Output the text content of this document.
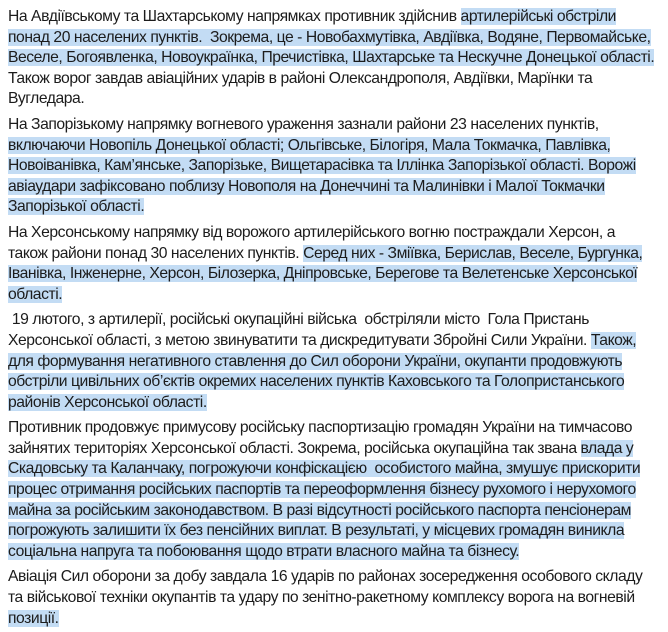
На Авдіївському та Шахтарському напрямках противник здійснив артилерійські обстріли
понад 20 населених пунктів.  Зокрема, це - Новобахмутівка, Авдіївка, Водяне, Первомайське,
Веселе, Богоявленка, Новоукраїнка, Пречистівка, Шахтарське та Нескучне Донецької області.
Також ворог завдав авіаційних ударів в районі Олександрополя, Авдіївки, Марїнки та
Вугледара.

На Запорізькому напрямку вогневого ураження зазнали райони 23 населених пунктів,
включаючи Новопіль Донецької області; Ольгівське, Білогіря, Мала Токмачка, Павлівка,
Новоіванівка, Кам’янське, Запорізьке, Вищетарасівка та Іллінка Запорізької області. Ворожі
авіаудари зафіксовано поблизу Новополя на Донеччині та Малинівки і Малої Токмачки
Запорізької області.

На Херсонському напрямку від ворожого артилерійського вогню постраждали Херсон, а
також райони понад 30 населених пунктів. Серед них - Зміївка, Берислав, Веселе, Бургунка,
Іванівка, Інженерне, Херсон, Білозерка, Дніпровське, Берегове та Велетенське Херсонської
області.

19 лютого, з артилерії, російські окупаційні війська  обстріляли місто  Гола Пристань
Херсонської області, з метою звинуватити та дискредитувати Збройні Сили України. Також,
для формування негативного ставлення до Сил оборони України, окупанти продовжують
обстріли цивільних об’єктів окремих населених пунктів Каховського та Голопристанського
районів Херсонської області.

Противник продовжує примусову російську паспортизацію громадян України на тимчасово
зайнятих територіях Херсонської області. Зокрема, російська окупаційна так звана влада у
Скадовську та Каланчаку, погрожуючи конфіскацією  особистого майна, змушує прискорити
процес отримання російських паспортів та переоформлення бізнесу рухомого і нерухомого
майна за російським законодавством. В разі відсутності російського паспорта пенсіонерам
погрожують залишити їх без пенсійних виплат. В результаті, у місцевих громадян виникла
соціальна напруга та побоювання щодо втрати власного майна та бізнесу.

Авіація Сил оборони за добу завдала 16 ударів по районах зосередження особового складу
та військової техніки окупантів та удару по зенітно-ракетному комплексу ворога на вогневій
позиції.
